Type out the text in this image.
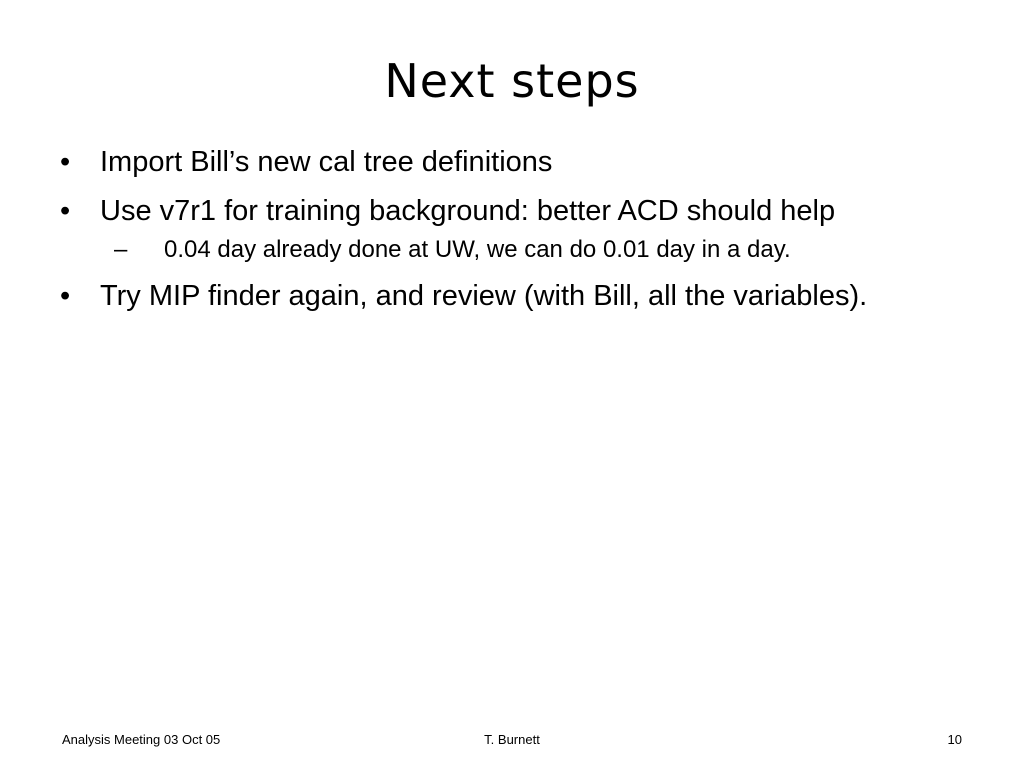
Next steps
• Import Bill’s new cal tree definitions
• Use v7r1 for training background: better ACD should help
– 0.04 day already done at UW, we can do 0.01 day in a day.
• Try MIP finder again, and review (with Bill, all the variables).
Analysis Meeting 03 Oct 05	T. Burnett	10
